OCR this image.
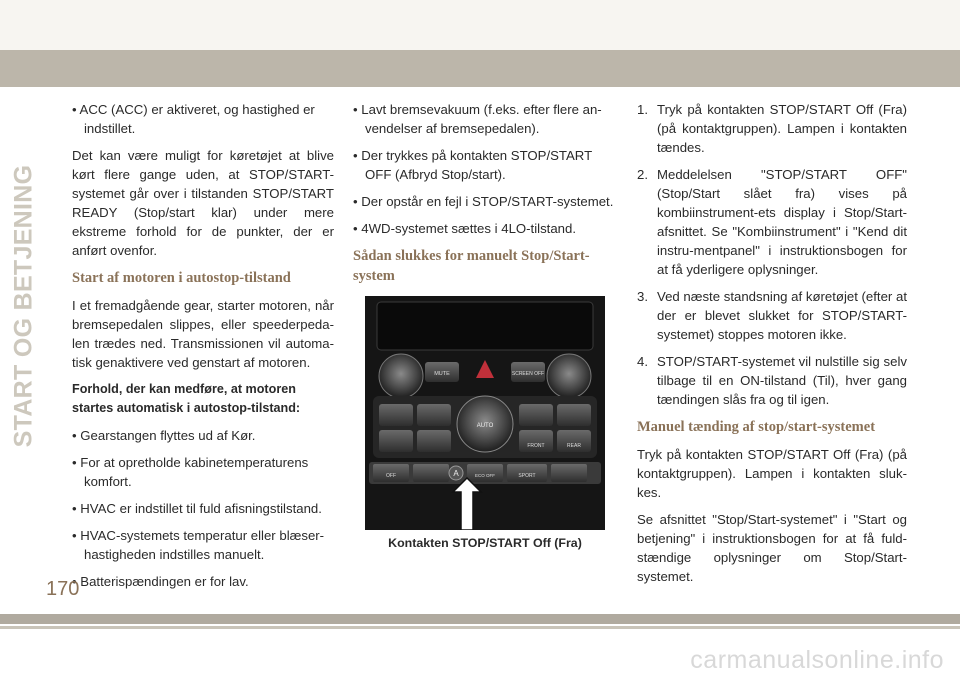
START OG BETJENING
• ACC (ACC) er aktiveret, og hastighed er indstillet.

Det kan være muligt for køretøjet at blive kørt flere gange uden, at STOP/START-systemet går over i tilstanden STOP/START READY (Stop/start klar) under mere ekstreme forhold for de punkter, der er anført ovenfor.

Start af motoren i autostop-tilstand

I et fremadgående gear, starter motoren, når bremsepedalen slippes, eller speederpeda-len trædes ned. Transmissionen vil automa-tisk genaktivere ved genstart af motoren.

Forhold, der kan medføre, at motoren startes automatisk i autostop-tilstand:

• Gearstangen flyttes ud af Kør.
• For at opretholde kabinetemperaturens komfort.
• HVAC er indstillet til fuld afisningstilstand.
• HVAC-systemets temperatur eller blæser-hastigheden indstilles manuelt.
• Batterispændingen er for lav.
• Lavt bremsevakuum (f.eks. efter flere an-vendelser af bremsepedalen).
• Der trykkes på kontakten STOP/START OFF (Afbryd Stop/start).
• Der opstår en fejl i STOP/START-systemet.
• 4WD-systemet sættes i 4LO-tilstand.
Sådan slukkes for manuelt Stop/Start-system
MUTE	SCREEN OFF
AUTO
FRONT	REAR
OFF	A	ECO OFF	SPORT
Kontakten STOP/START Off (Fra)
1. Tryk på kontakten STOP/START Off (Fra) (på kontaktgruppen). Lampen i kontakten tændes.
2. Meddelelsen "STOP/START OFF" (Stop/Start slået fra) vises på kombiinstrument-ets display i Stop/Start-afsnittet. Se "Kombiinstrument" i "Kend dit instru-mentpanel" i instruktionsbogen for at få yderligere oplysninger.
3. Ved næste standsning af køretøjet (efter at der er blevet slukket for STOP/START-systemet) stoppes motoren ikke.
4. STOP/START-systemet vil nulstille sig selv tilbage til en ON-tilstand (Til), hver gang tændingen slås fra og til igen.
Manuel tænding af stop/start-systemet

Tryk på kontakten STOP/START Off (Fra) (på kontaktgruppen). Lampen i kontakten sluk-kes.

Se afsnittet "Stop/Start-systemet" i "Start og betjening" i instruktionsbogen for at få fuld-stændige oplysninger om Stop/Start-systemet.

170
carmanualsonline.info
